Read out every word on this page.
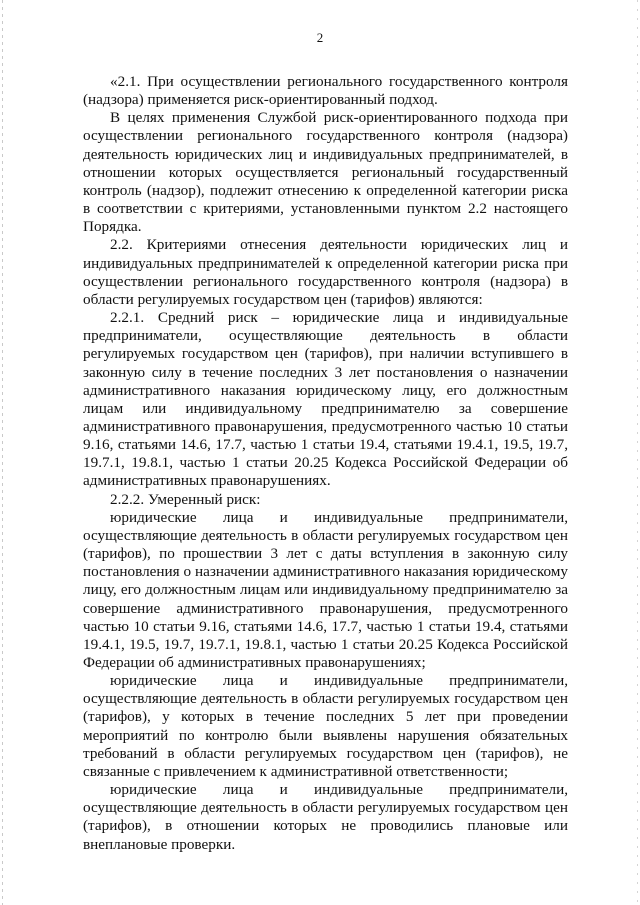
2

«2.1. При осуществлении регионального государственного контроля (надзора) применяется риск-ориентированный подход.

В целях применения Службой риск-ориентированного подхода при осуществлении регионального государственного контроля (надзора) деятельность юридических лиц и индивидуальных предпринимателей, в отношении которых осуществляется региональный государственный контроль (надзор), подлежит отнесению к определенной категории риска в соответствии с критериями, установленными пунктом 2.2 настоящего Порядка.

2.2. Критериями отнесения деятельности юридических лиц и индивидуальных предпринимателей к определенной категории риска при осуществлении регионального государственного контроля (надзора) в области регулируемых государством цен (тарифов) являются:

2.2.1. Средний риск – юридические лица и индивидуальные предприниматели, осуществляющие деятельность в области регулируемых государством цен (тарифов), при наличии вступившего в законную силу в течение последних 3 лет постановления о назначении административного наказания юридическому лицу, его должностным лицам или индивидуальному предпринимателю за совершение административного правонарушения, предусмотренного частью 10 статьи 9.16, статьями 14.6, 17.7, частью 1 статьи 19.4, статьями 19.4.1, 19.5, 19.7, 19.7.1, 19.8.1, частью 1 статьи 20.25 Кодекса Российской Федерации об административных правонарушениях.

2.2.2. Умеренный риск:

юридические лица и индивидуальные предприниматели, осуществляющие деятельность в области регулируемых государством цен (тарифов), по прошествии 3 лет с даты вступления в законную силу постановления о назначении административного наказания юридическому лицу, его должностным лицам или индивидуальному предпринимателю за совершение административного правонарушения, предусмотренного частью 10 статьи 9.16, статьями 14.6, 17.7, частью 1 статьи 19.4, статьями 19.4.1, 19.5, 19.7, 19.7.1, 19.8.1, частью 1 статьи 20.25 Кодекса Российской Федерации об административных правонарушениях;

юридические лица и индивидуальные предприниматели, осуществляющие деятельность в области регулируемых государством цен (тарифов), у которых в течение последних 5 лет при проведении мероприятий по контролю были выявлены нарушения обязательных требований в области регулируемых государством цен (тарифов), не связанные с привлечением к административной ответственности;

юридические лица и индивидуальные предприниматели, осуществляющие деятельность в области регулируемых государством цен (тарифов), в отношении которых не проводились плановые или внеплановые проверки.
